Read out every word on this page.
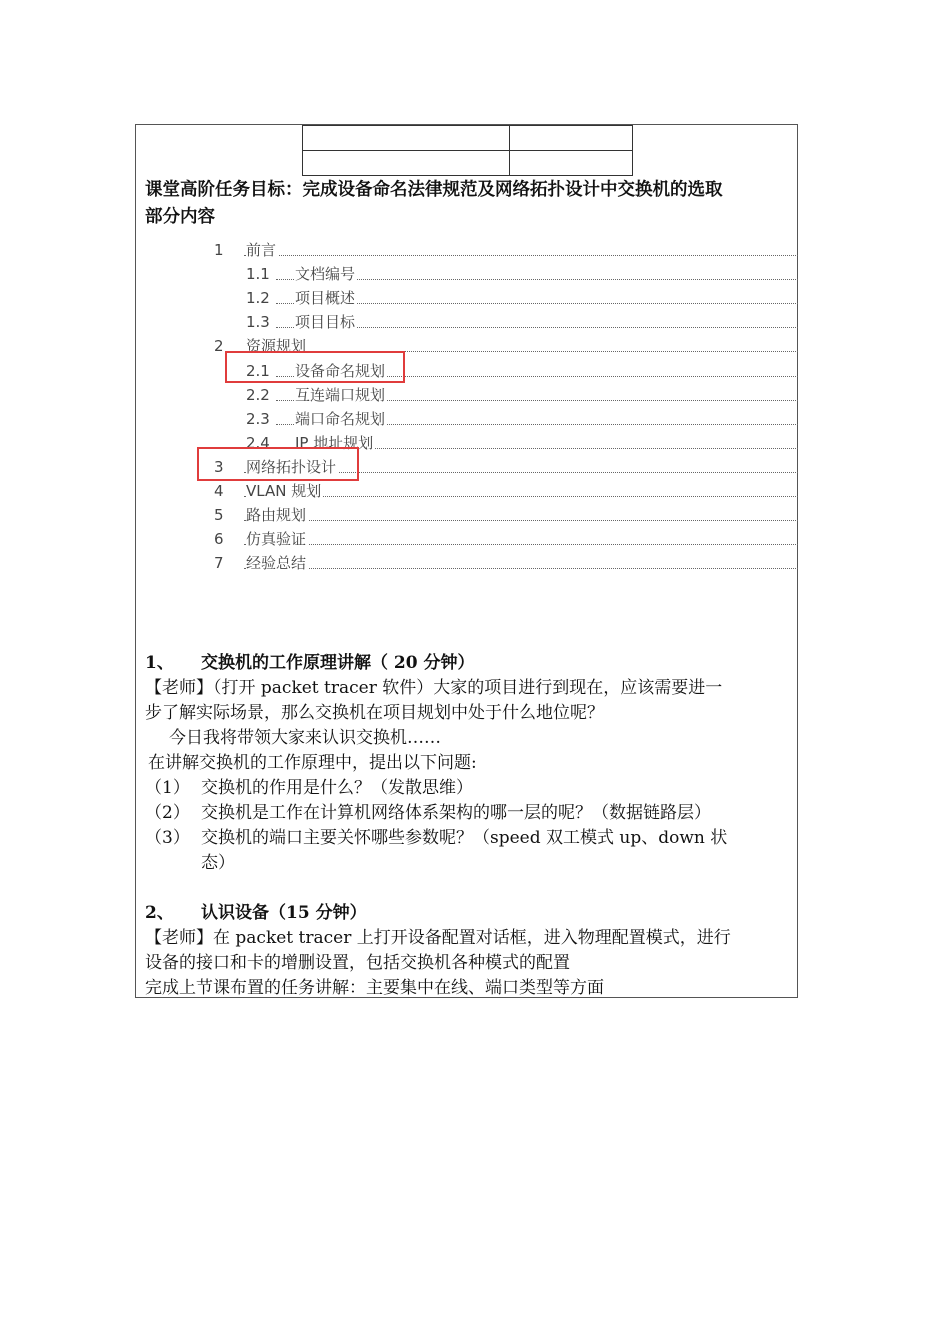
课堂高阶任务目标：完成设备命名法律规范及网络拓扑设计中交换机的选取
部分内容
1 前言
1.1 文档编号
1.2 项目概述
1.3 项目目标
2 资源规划
2.1 设备命名规划
2.2 互连端口规划
2.3 端口命名规划
2.4 IP 地址规划
3 网络拓扑设计
4 VLAN 规划
5 路由规划
6 仿真验证
7 经验总结
1、 交换机的工作原理讲解（ 20 分钟）
【老师】（打开 packet tracer 软件）大家的项目进行到现在，应该需要进一
步了解实际场景，那么交换机在项目规划中处于什么地位呢？
今日我将带领大家来认识交换机……
在讲解交换机的工作原理中，提出以下问题:
态）
2、 认识设备（15 分钟）
【老师】在 packet tracer 上打开设备配置对话框，进入物理配置模式，进行
设备的接口和卡的增删设置，包括交换机各种模式的配置
完成上节课布置的任务讲解：主要集中在线、端口类型等方面
（1） 交换机的作用是什么？（发散思维）
（2） 交换机是工作在计算机网络体系架构的哪一层的呢？（数据链路层）
（3） 交换机的端口主要关怀哪些参数呢？（speed 双工模式 up、down 状
